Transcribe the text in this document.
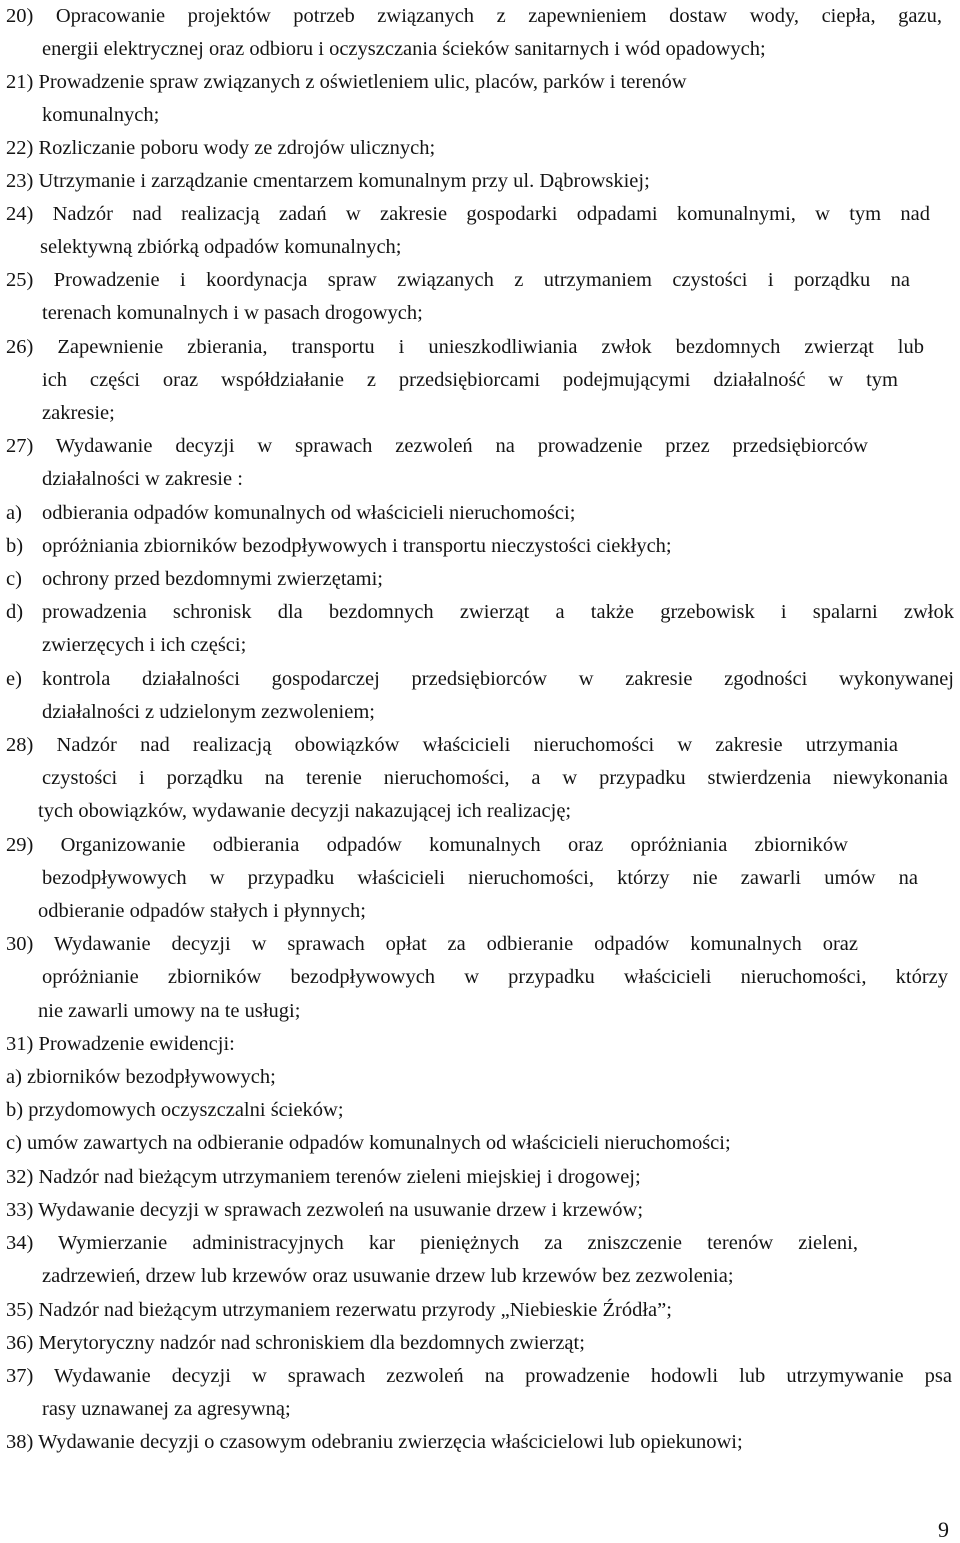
20) Opracowanie projektów potrzeb związanych z zapewnieniem dostaw wody, ciepła, gazu,
energii elektrycznej oraz odbioru i oczyszczania ścieków sanitarnych i wód opadowych;
21) Prowadzenie spraw związanych z oświetleniem ulic, placów, parków i terenów
komunalnych;
22) Rozliczanie poboru wody ze zdrojów ulicznych;
23) Utrzymanie i zarządzanie cmentarzem komunalnym przy ul. Dąbrowskiej;
24) Nadzór nad realizacją zadań w zakresie gospodarki odpadami komunalnymi, w tym nad
selektywną zbiórką odpadów komunalnych;
25) Prowadzenie i koordynacja spraw związanych z utrzymaniem czystości i porządku na
terenach komunalnych i w pasach drogowych;
26) Zapewnienie zbierania, transportu i unieszkodliwiania zwłok bezdomnych zwierząt lub
ich części oraz współdziałanie z przedsiębiorcami podejmującymi działalność w tym
zakresie;
27) Wydawanie decyzji w sprawach zezwoleń na prowadzenie przez przedsiębiorców
działalności w zakresie :
a) odbierania odpadów komunalnych od właścicieli nieruchomości;
b) opróżniania zbiorników bezodpływowych i transportu nieczystości ciekłych;
c) ochrony przed bezdomnymi zwierzętami;
d) prowadzenia schronisk dla bezdomnych zwierząt a także grzebowisk i spalarni zwłok
zwierzęcych i ich części;
e) kontrola działalności gospodarczej przedsiębiorców w zakresie zgodności wykonywanej
działalności z udzielonym zezwoleniem;
28) Nadzór nad realizacją obowiązków właścicieli nieruchomości w zakresie utrzymania
czystości i porządku na terenie nieruchomości, a w przypadku stwierdzenia niewykonania
tych obowiązków, wydawanie decyzji nakazującej ich realizację;
29) Organizowanie odbierania odpadów komunalnych oraz opróżniania zbiorników
bezodpływowych w przypadku właścicieli nieruchomości, którzy nie zawarli umów na
odbieranie odpadów stałych i płynnych;
30) Wydawanie decyzji w sprawach opłat za odbieranie odpadów komunalnych oraz
opróżnianie zbiorników bezodpływowych w przypadku właścicieli nieruchomości, którzy
nie zawarli umowy na te usługi;
31) Prowadzenie ewidencji:
a) zbiorników bezodpływowych;
b) przydomowych oczyszczalni ścieków;
c) umów zawartych na odbieranie odpadów komunalnych od właścicieli nieruchomości;
32) Nadzór nad bieżącym utrzymaniem terenów zieleni miejskiej i drogowej;
33) Wydawanie decyzji w sprawach zezwoleń na usuwanie drzew i krzewów;
34) Wymierzanie administracyjnych kar pieniężnych za zniszczenie terenów zieleni,
zadrzewień, drzew lub krzewów oraz usuwanie drzew lub krzewów bez zezwolenia;
35) Nadzór nad bieżącym utrzymaniem rezerwatu przyrody „Niebieskie Źródła”;
36) Merytoryczny nadzór nad schroniskiem dla bezdomnych zwierząt;
37) Wydawanie decyzji w sprawach zezwoleń na prowadzenie hodowli lub utrzymywanie psa
rasy uznawanej za agresywną;
38) Wydawanie decyzji o czasowym odebraniu zwierzęcia właścicielowi lub opiekunowi;
9
